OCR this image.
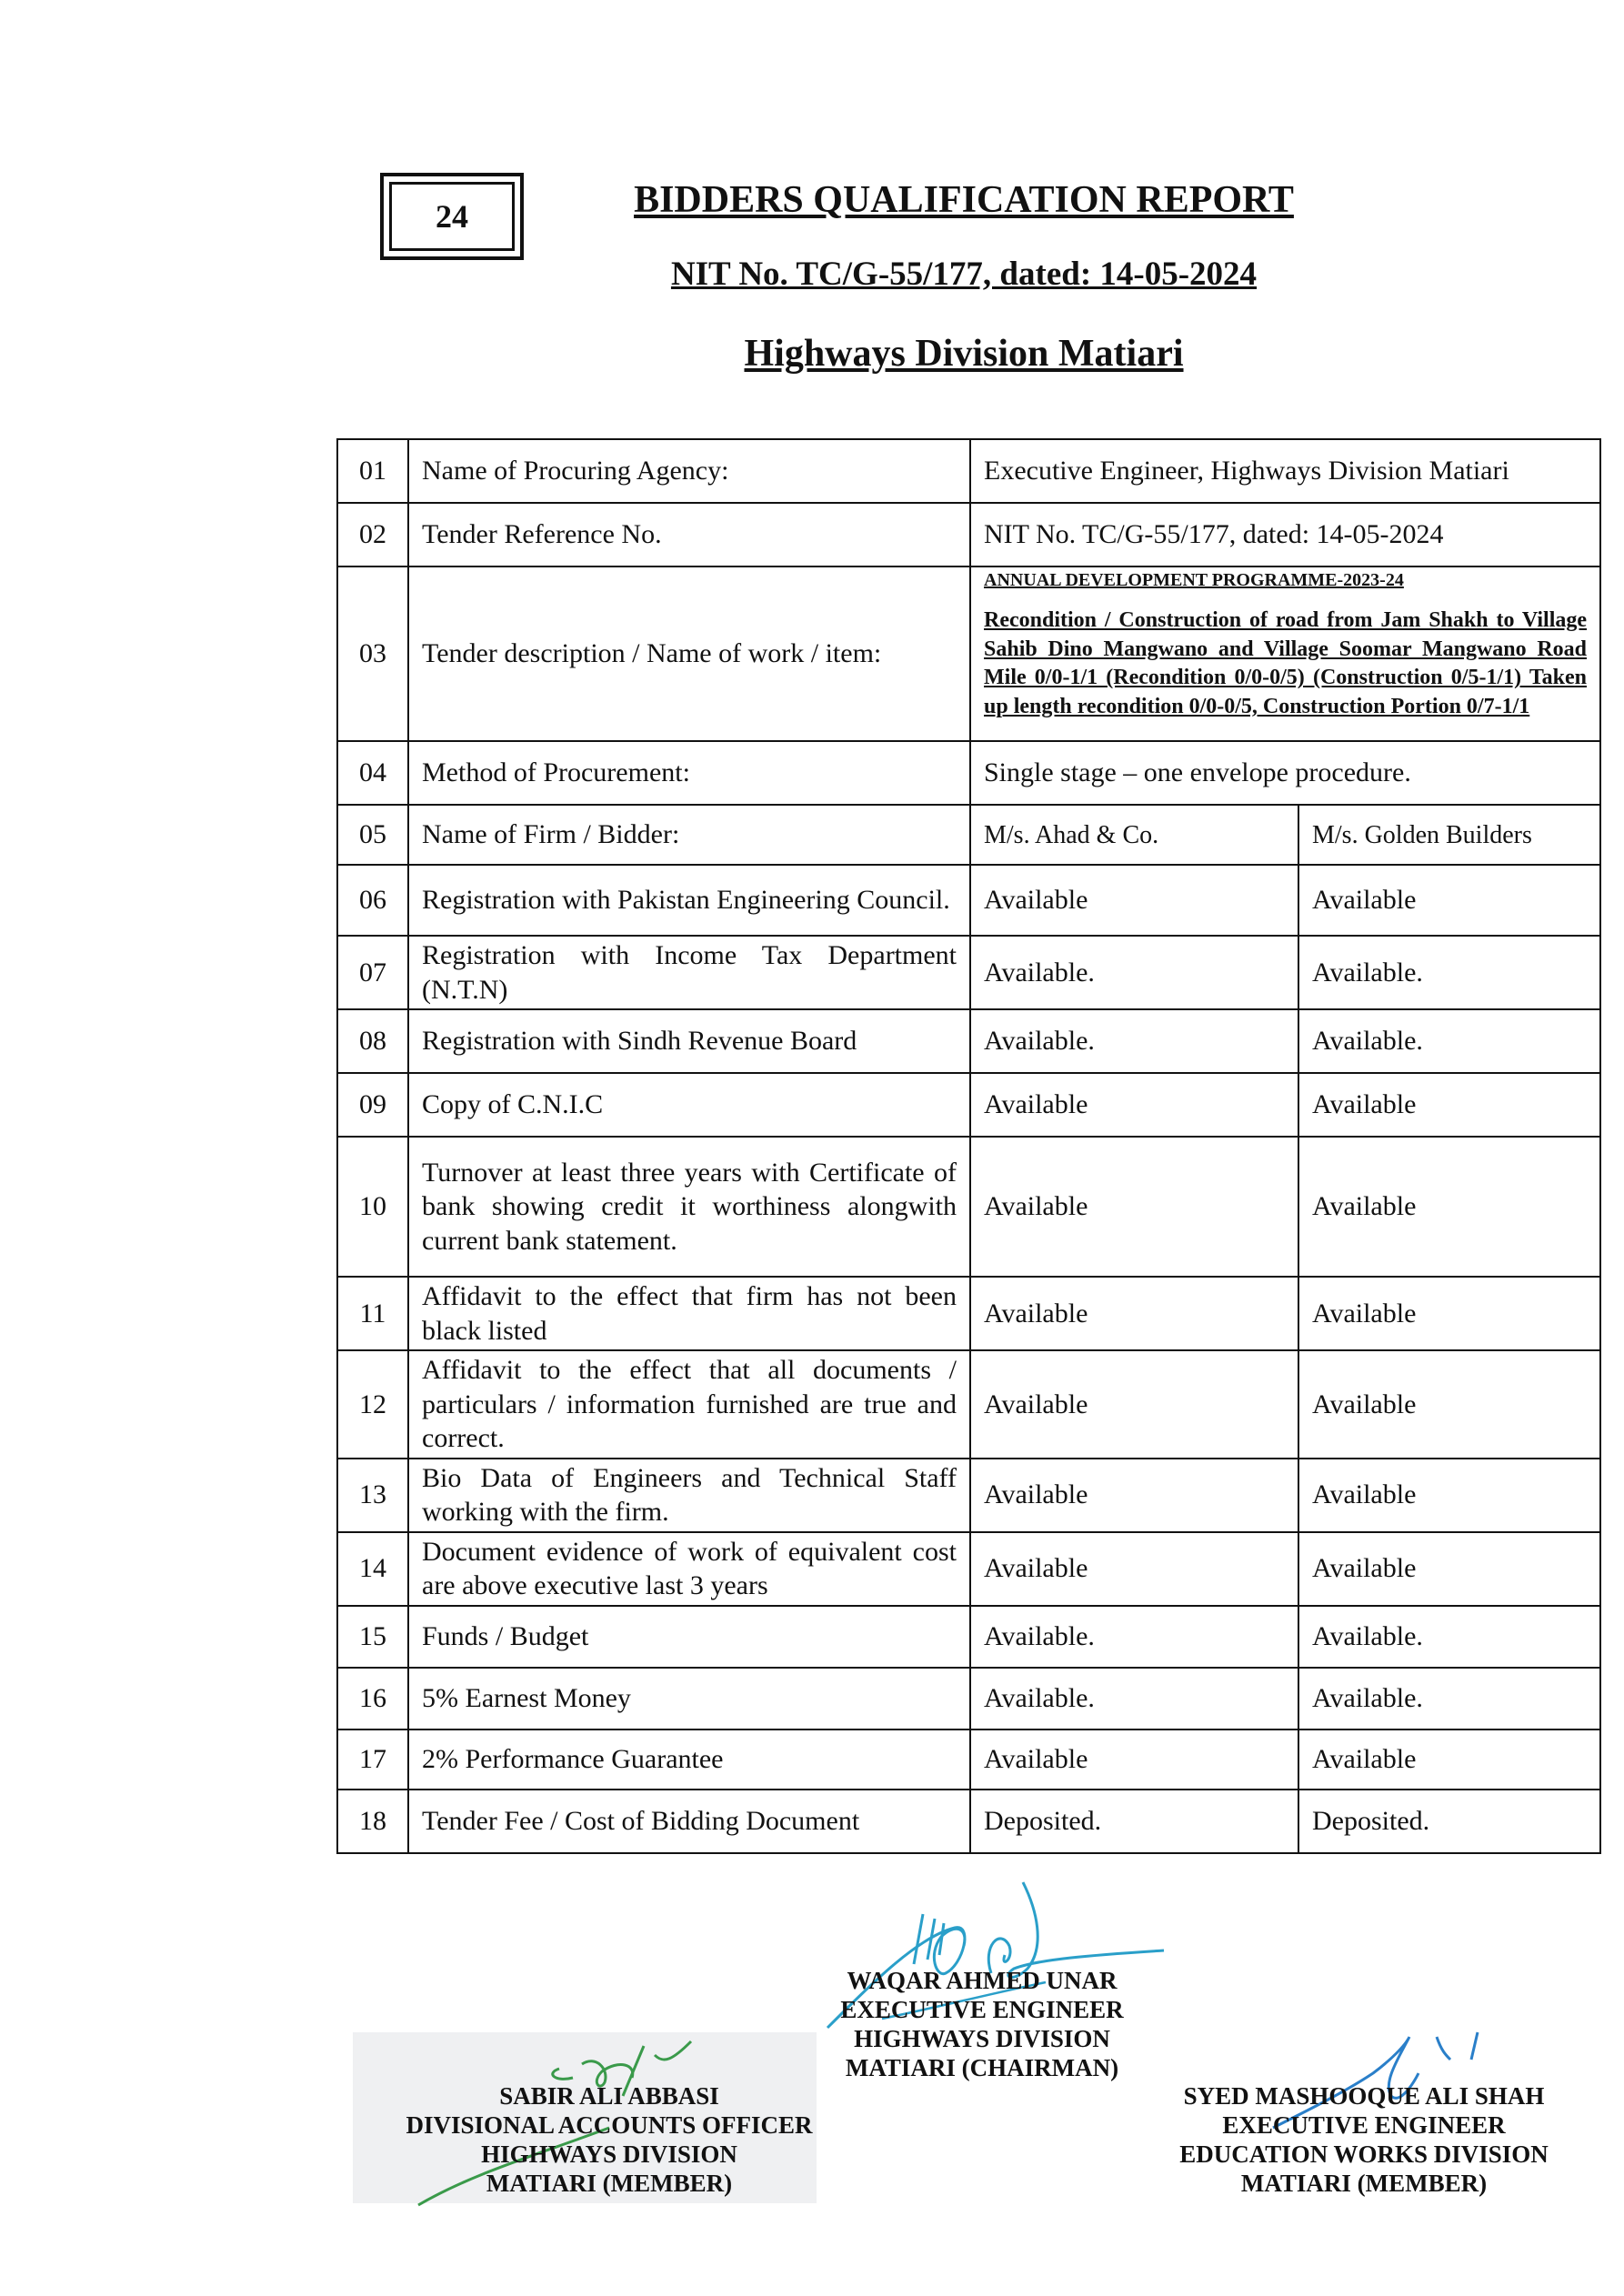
24	BIDDERS QUALIFICATION REPORT
NIT No. TC/G-55/177, dated: 14-05-2024
Highways Division Matiari
01	Name of Procuring Agency:	Executive Engineer, Highways Division Matiari	
02	Tender Reference No.	NIT No. TC/G-55/177, dated: 14-05-2024	
03	Tender description / Name of work / item:	ANNUAL DEVELOPMENT PROGRAMME-2023-24
Recondition / Construction of road from Jam Shakh to Village Sahib Dino Mangwano and Village Soomar Mangwano Road Mile 0/0-1/1 (Recondition 0/0-0/5) (Construction 0/5-1/1) Taken up length recondition 0/0-0/5, Construction Portion 0/7-1/1	

04	Method of Procurement:	Single stage – one envelope procedure.	
05	Name of Firm / Bidder:	M/s. Ahad & Co.	M/s. Golden Builders
06	Registration with Pakistan Engineering Council.	Available	Available
07	Registration with Income Tax Department (N.T.N)	Available.	Available.
08	Registration with Sindh Revenue Board	Available.	Available.
09	Copy of C.N.I.C	Available	Available
10	Turnover at least three years with Certificate of bank showing credit it worthiness alongwith current bank statement.	Available	Available
11	Affidavit to the effect that firm has not been black listed	Available	Available
12	Affidavit to the effect that all documents / particulars / information furnished are true and correct.	Available	Available
13	Bio Data of Engineers and Technical Staff working with the firm.	Available	Available
14	Document evidence of work of equivalent cost are above executive last 3 years	Available	Available
15	Funds / Budget	Available.	Available.
16	5% Earnest Money	Available.	Available.
17	2% Performance Guarantee	Available	Available
18	Tender Fee / Cost of Bidding Document	Deposited.	Deposited.
WAQAR AHMED UNAR
EXECUTIVE ENGINEER
HIGHWAYS DIVISION
MATIARI (CHAIRMAN)
SABIR ALI ABBASI
DIVISIONAL ACCOUNTS OFFICER
HIGHWAYS DIVISION
MATIARI (MEMBER)
SYED MASHOOQUE ALI SHAH
EXECUTIVE ENGINEER
EDUCATION WORKS DIVISION
MATIARI (MEMBER)
